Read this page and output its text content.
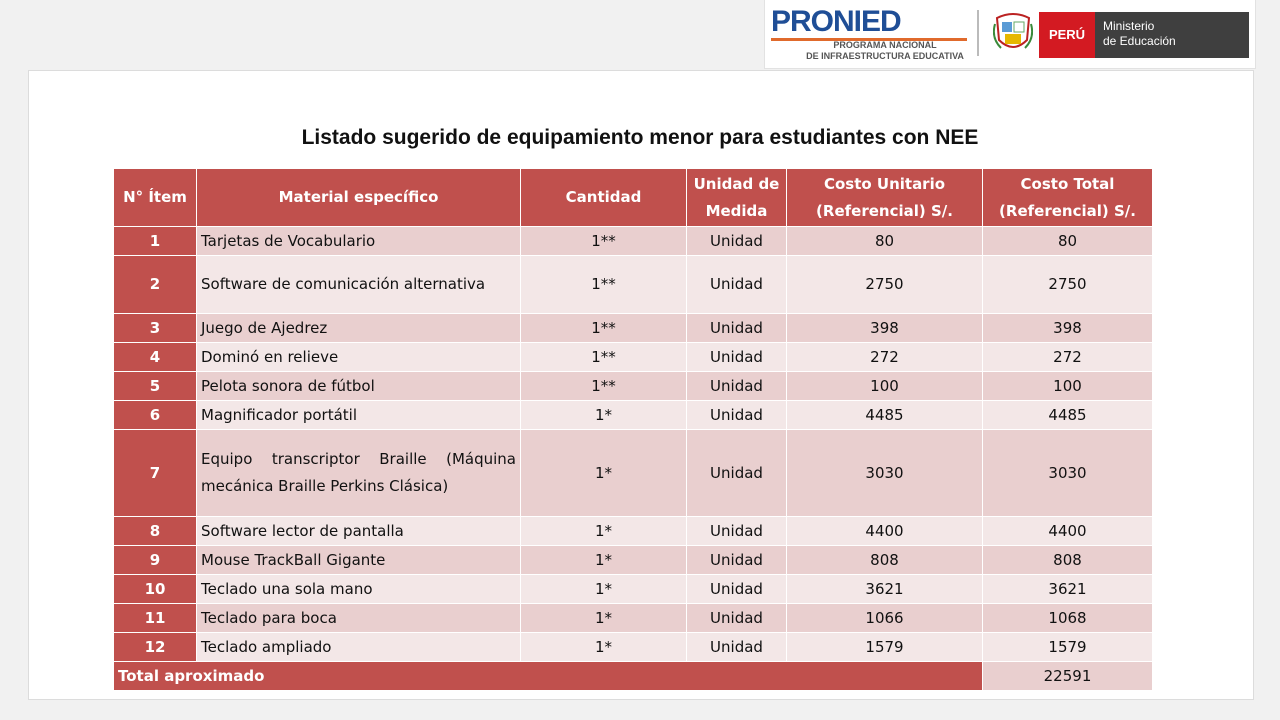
PRONIED
PROGRAMA NACIONAL
DE INFRAESTRUCTURA EDUCATIVA
PERÚ
Ministerio
de Educación
Listado sugerido de equipamiento menor para estudiantes con NEE
N° Ítem	Material específico	Cantidad	Unidad de Medida	Costo Unitario (Referencial) S/.	Costo Total (Referencial) S/.
1	Tarjetas de Vocabulario	1**	Unidad	80	80
2	Software de comunicación alternativa	1**	Unidad	2750	2750
3	Juego de Ajedrez	1**	Unidad	398	398
4	Dominó en relieve	1**	Unidad	272	272
5	Pelota sonora de fútbol	1**	Unidad	100	100
6	Magnificador portátil	1*	Unidad	4485	4485
7	Equipo transcriptor Braille (Máquina mecánica Braille Perkins Clásica)	1*	Unidad	3030	3030
8	Software lector de pantalla	1*	Unidad	4400	4400
9	Mouse TrackBall Gigante	1*	Unidad	808	808
10	Teclado una sola mano	1*	Unidad	3621	3621
11	Teclado para boca	1*	Unidad	1066	1068
12	Teclado ampliado	1*	Unidad	1579	1579
Total aproximado					22591
